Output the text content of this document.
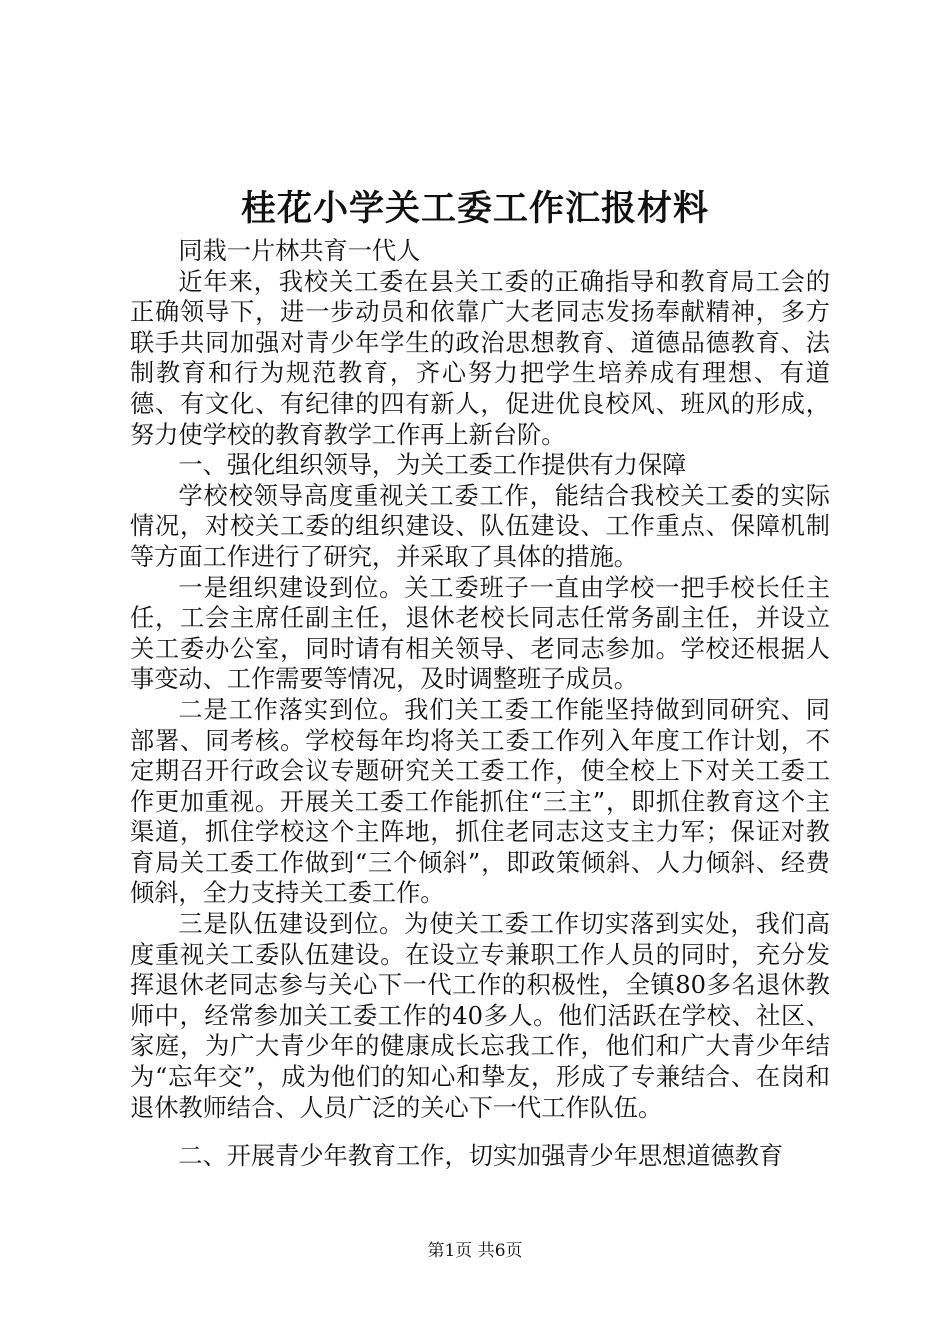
桂花小学关工委工作汇报材料

同栽一片林共育一代人

近年来，我校关工委在县关工委的正确指导和教育局工会的正确领导下，进一步动员和依靠广大老同志发扬奉献精神，多方联手共同加强对青少年学生的政治思想教育、道德品德教育、法制教育和行为规范教育，齐心努力把学生培养成有理想、有道德、有文化、有纪律的四有新人，促进优良校风、班风的形成，努力使学校的教育教学工作再上新台阶。

一、强化组织领导，为关工委工作提供有力保障

学校校领导高度重视关工委工作，能结合我校关工委的实际情况，对校关工委的组织建设、队伍建设、工作重点、保障机制等方面工作进行了研究，并采取了具体的措施。

一是组织建设到位。关工委班子一直由学校一把手校长任主任，工会主席任副主任，退休老校长同志任常务副主任，并设立关工委办公室，同时请有相关领导、老同志参加。学校还根据人事变动、工作需要等情况，及时调整班子成员。

二是工作落实到位。我们关工委工作能坚持做到同研究、同部署、同考核。学校每年均将关工委工作列入年度工作计划，不定期召开行政会议专题研究关工委工作，使全校上下对关工委工作更加重视。开展关工委工作能抓住“三主”，即抓住教育这个主渠道，抓住学校这个主阵地，抓住老同志这支主力军；保证对教育局关工委工作做到“三个倾斜”，即政策倾斜、人力倾斜、经费倾斜，全力支持关工委工作。

三是队伍建设到位。为使关工委工作切实落到实处，我们高度重视关工委队伍建设。在设立专兼职工作人员的同时，充分发挥退休老同志参与关心下一代工作的积极性，全镇80多名退休教师中，经常参加关工委工作的40多人。他们活跃在学校、社区、家庭，为广大青少年的健康成长忘我工作，他们和广大青少年结为“忘年交”，成为他们的知心和挚友，形成了专兼结合、在岗和退休教师结合、人员广泛的关心下一代工作队伍。

二、开展青少年教育工作，切实加强青少年思想道德教育

第1页 共6页
